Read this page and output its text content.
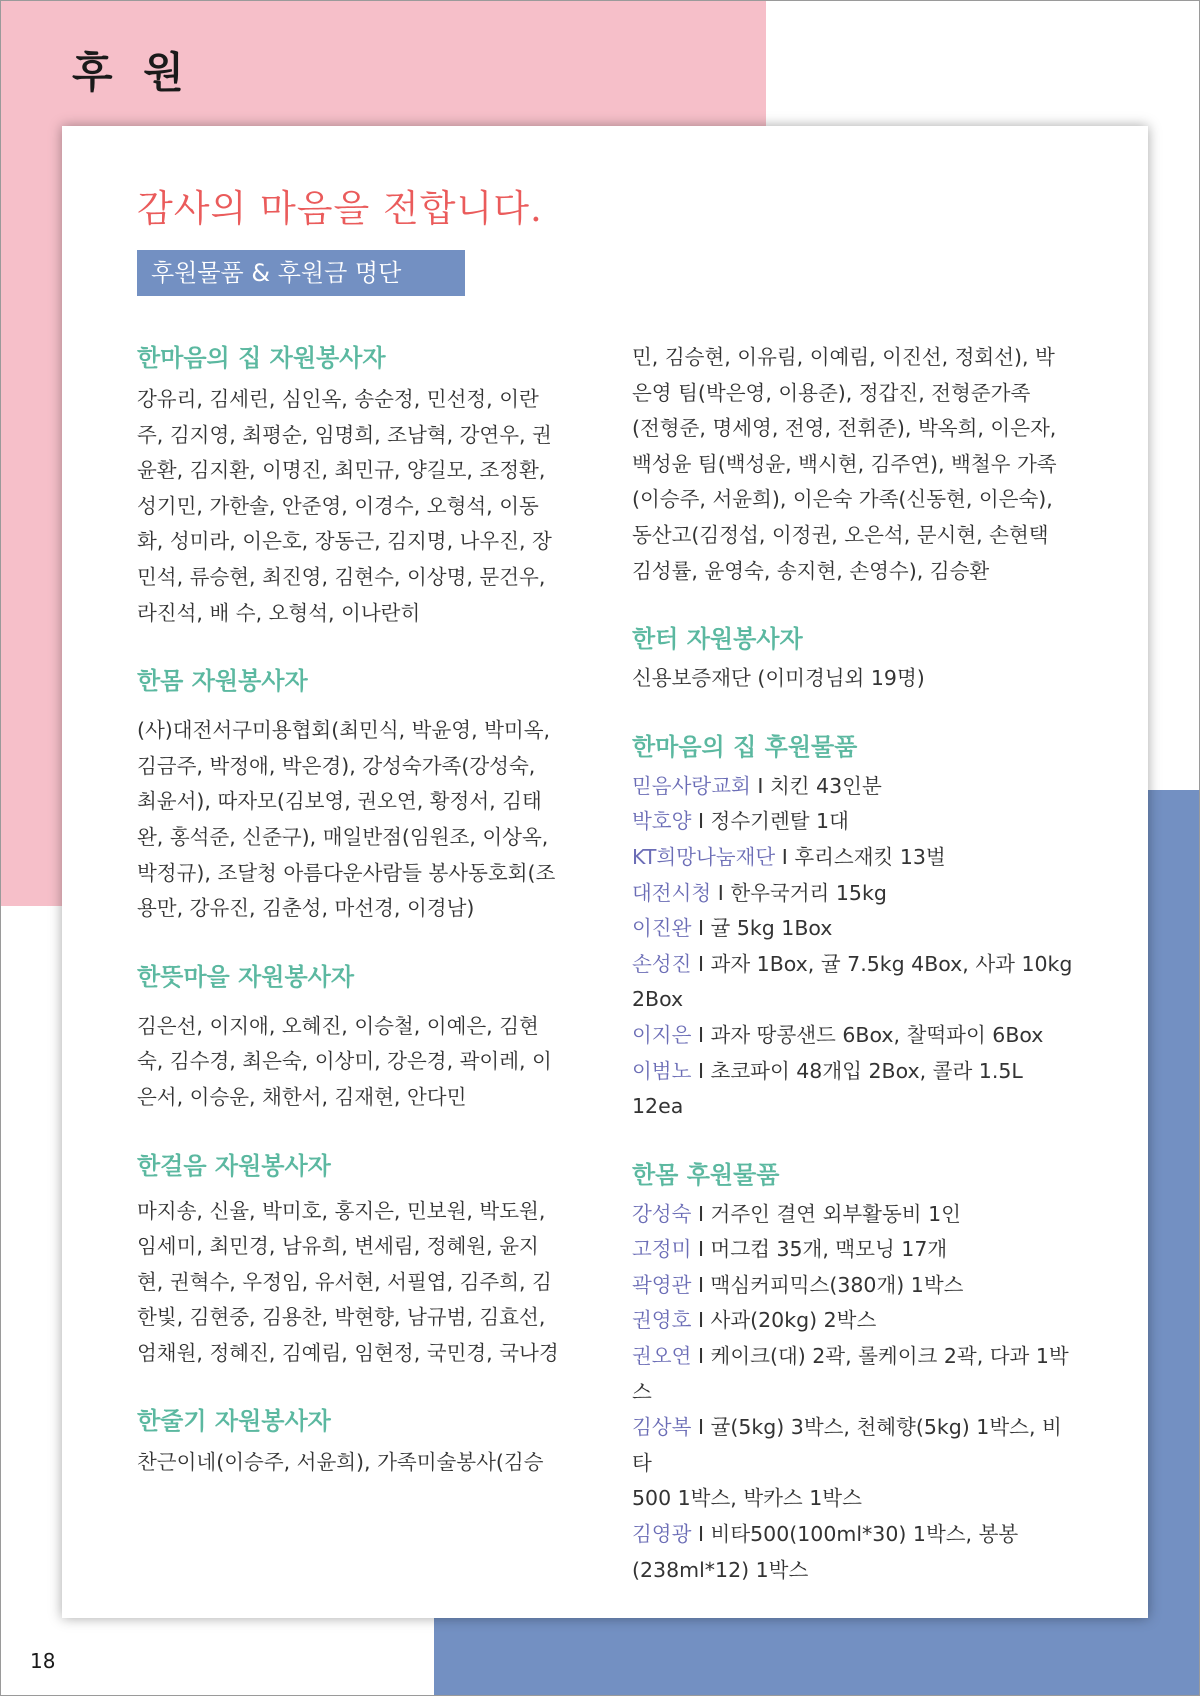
후 원
감사의 마음을 전합니다.
후원물품 & 후원금 명단
한마음의 집 자원봉사자

강유리, 김세린, 심인옥, 송순정, 민선정, 이란
주, 김지영, 최평순, 임명희, 조남혁, 강연우, 권
윤환, 김지환, 이명진, 최민규, 양길모, 조정환,
성기민, 가한솔, 안준영, 이경수, 오형석, 이동
화, 성미라, 이은호, 장동근, 김지명, 나우진, 장
민석, 류승현, 최진영, 김현수, 이상명, 문건우,
라진석, 배 수, 오형석, 이나란히

한몸 자원봉사자

(사)대전서구미용협회(최민식, 박윤영, 박미옥,
김금주, 박정애, 박은경), 강성숙가족(강성숙,
최윤서), 따자모(김보영, 권오연, 황정서, 김태
완, 홍석준, 신준구), 매일반점(임원조, 이상옥,
박정규), 조달청 아름다운사람들 봉사동호회(조
용만, 강유진, 김춘성, 마선경, 이경남)

한뜻마을 자원봉사자

김은선, 이지애, 오혜진, 이승철, 이예은, 김현
숙, 김수경, 최은숙, 이상미, 강은경, 곽이레, 이
은서, 이승운, 채한서, 김재현, 안다민

한걸음 자원봉사자

마지송, 신율, 박미호, 홍지은, 민보원, 박도원,
임세미, 최민경, 남유희, 변세림, 정혜원, 윤지
현, 권혁수, 우정임, 유서현, 서필엽, 김주희, 김
한빛, 김현중, 김용찬, 박현향, 남규범, 김효선,
엄채원, 정혜진, 김예림, 임현정, 국민경, 국나경

한줄기 자원봉사자

찬근이네(이승주, 서윤희), 가족미술봉사(김승

민, 김승현, 이유림, 이예림, 이진선, 정회선), 박
은영 팀(박은영, 이용준), 정갑진, 전형준가족
(전형준, 명세영, 전영, 전휘준), 박옥희, 이은자,
백성윤 팀(백성윤, 백시현, 김주연), 백철우 가족
(이승주, 서윤희), 이은숙 가족(신동현, 이은숙),
동산고(김정섭, 이정권, 오은석, 문시현, 손현택
김성률, 윤영숙, 송지현, 손영수), 김승환

한터 자원봉사자

신용보증재단 (이미경님외 19명)

한마음의 집 후원물품
믿음사랑교회 I 치킨 43인분
박호양 I 정수기렌탈 1대
KT희망나눔재단 I 후리스재킷 13벌
대전시청 I 한우국거리 15kg
이진완 I 귤 5kg 1Box
손성진 I 과자 1Box, 귤 7.5kg 4Box, 사과 10kg
2Box
이지은 I 과자 땅콩샌드 6Box, 찰떡파이 6Box
이범노 I 초코파이 48개입 2Box, 콜라 1.5L 12ea
한몸 후원물품
강성숙 I 거주인 결연 외부활동비 1인
고정미 I 머그컵 35개, 맥모닝 17개
곽영관 I 맥심커피믹스(380개) 1박스
권영호 I 사과(20kg) 2박스
권오연 I 케이크(대) 2곽, 롤케이크 2곽, 다과 1박스
김상복 I 귤(5kg) 3박스, 천혜향(5kg) 1박스, 비타
500 1박스, 박카스 1박스
김영광 I 비타500(100ml*30) 1박스, 봉봉
(238ml*12) 1박스
18
